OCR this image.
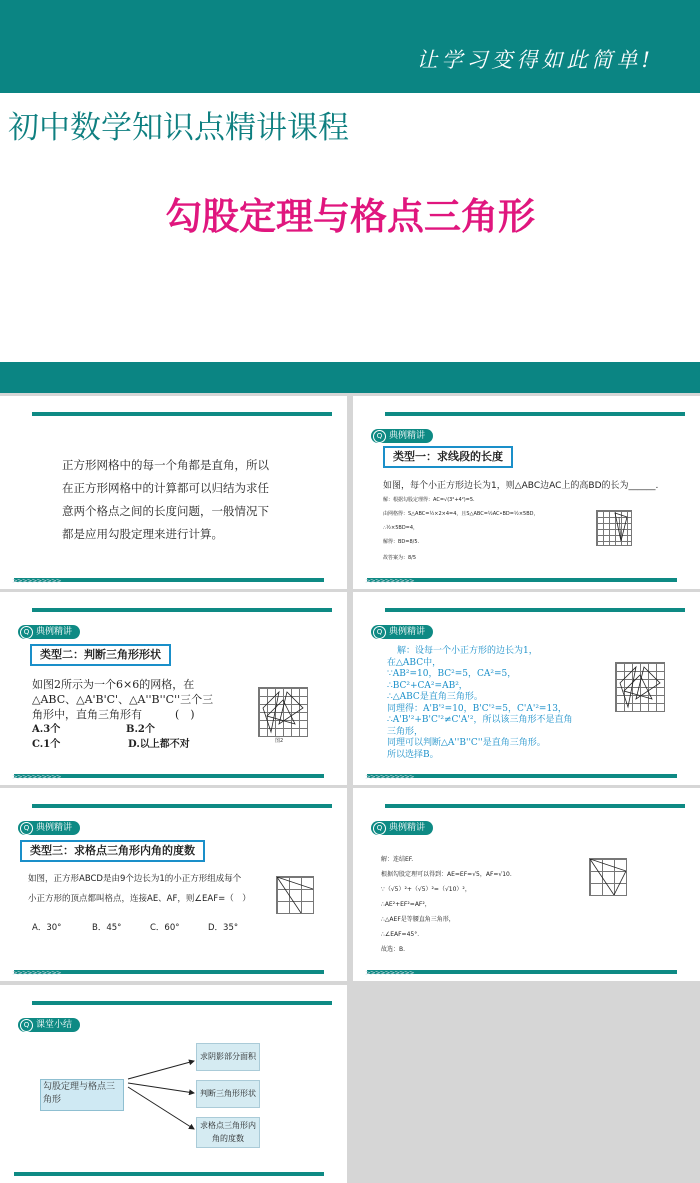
让学习变得如此简单!
初中数学知识点精讲课程
勾股定理与格点三角形
正方形网格中的每一个角都是直角，所以在正方形网格中的计算都可以归结为求任意两个格点之间的长度问题，一般情况下都是应用勾股定理来进行计算。
>>>>>>>>>>
Q 典例精讲
类型一：求线段的长度
如图，每个小正方形边长为1，则△ABC边AC上的高BD的长为______.
解：根据勾股定理得：AC=√(3²+4²)=5.
由网格得：S△ABC=½×2×4=4，且S△ABC=½AC•BD=½×5BD，
∴½×5BD=4，
解得：BD=8/5.
故答案为：8/5
>>>>>>>>>>
Q 典例精讲
类型二：判断三角形形状
如图2所示为一个6×6的网格，在
△ABC、△A'B'C'、△A''B''C''三个三
角形中，直角三角形有　　　(　)
A.3个	B.2个
C.1个	D.以上都不对	图2
>>>>>>>>>>
Q 典例精讲
解：设每一个小正方形的边长为1，
在△ABC中，
∵AB²=10，BC²=5，CA²=5，
∴BC²+CA²=AB²，
∴△ABC是直角三角形。
同理得：A'B'²=10，B'C'²=5，C'A'²=13，
∴A'B'²+B'C'²≠C'A'²，所以该三角形不是直角
三角形，
同理可以判断△A''B''C''是直角三角形。
所以选择B。
>>>>>>>>>>
Q 典例精讲
类型三：求格点三角形内角的度数
如图，正方形ABCD是由9个边长为1的小正方形组成每个
小正方形的顶点都叫格点，连接AE、AF，则∠EAF=（　）
A．30°	B．45°	C．60°	D．35°
>>>>>>>>>>
Q 典例精讲
解：连结EF.
根据勾股定理可以得到：AE=EF=√5，AF=√10.
∵（√5）²+（√5）²=（√10）²，
∴AE²+EF²=AF²，
∴△AEF是等腰直角三角形，
∴∠EAF=45°．
故选：B.
>>>>>>>>>>
Q 课堂小结
勾股定理与格点三角形
求阴影部分面积
判断三角形形状
求格点三角形内角的度数
